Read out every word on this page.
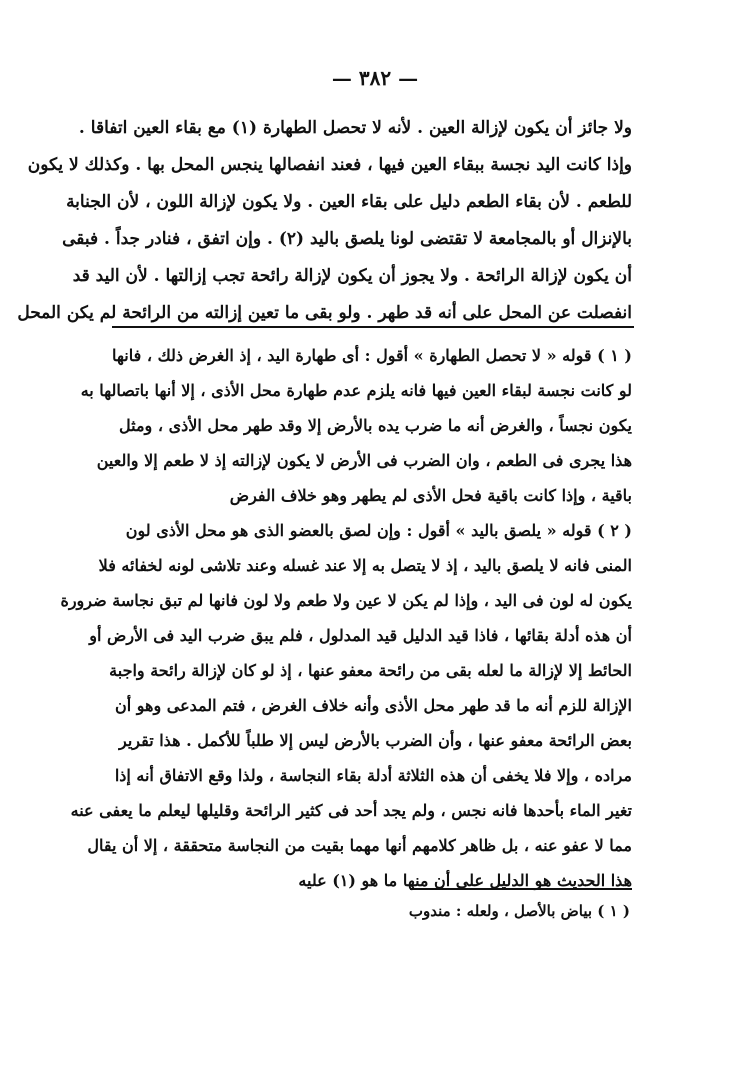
— ٣٨٢ —
ولا جائز أن يكون لإزالة العين . لأنه لا تحصل الطهارة (١) مع بقاء العين اتفاقا .
وإذا كانت اليد نجسة ببقاء العين فيها ، فعند انفصالها ينجس المحل بها . وكذلك لا يكون
للطعم . لأن بقاء الطعم دليل على بقاء العين . ولا يكون لإزالة اللون ، لأن الجنابة
بالإنزال أو بالمجامعة لا تقتضى لونا يلصق باليد (٢) . وإن اتفق ، فنادر جداً . فبقى
أن يكون لإزالة الرائحة . ولا يجوز أن يكون لإزالة رائحة تجب إزالتها . لأن اليد قد
انفصلت عن المحل على أنه قد طهر . ولو بقى ما تعين إزالته من الرائحة لم يكن المحل
( ١ ) قوله « لا تحصل الطهارة » أقول : أى طهارة اليد ، إذ الغرض ذلك ، فانها
لو كانت نجسة لبقاء العين فيها فانه يلزم عدم طهارة محل الأذى ، إلا أنها باتصالها به
يكون نجساً ، والغرض أنه ما ضرب يده بالأرض إلا وقد طهر محل الأذى ، ومثل
هذا يجرى فى الطعم ، وان الضرب فى الأرض لا يكون لإزالته إذ لا طعم إلا والعين
باقية ، وإذا كانت باقية فحل الأذى لم يطهر وهو خلاف الفرض
( ٢ ) قوله « يلصق باليد » أقول : وإن لصق بالعضو الذى هو محل الأذى لون
المنى فانه لا يلصق باليد ، إذ لا يتصل به إلا عند غسله وعند تلاشى لونه لخفائه فلا
يكون له لون فى اليد ، وإذا لم يكن لا عين ولا طعم ولا لون فانها لم تبق نجاسة ضرورة
أن هذه أدلة بقائها ، فاذا قيد الدليل قيد المدلول ، فلم يبق ضرب اليد فى الأرض أو
الحائط إلا لإزالة ما لعله بقى من رائحة معفو عنها ، إذ لو كان لإزالة رائحة واجبة
الإزالة للزم أنه ما قد طهر محل الأذى وأنه خلاف الغرض ، فتم المدعى وهو أن
بعض الرائحة معفو عنها ، وأن الضرب بالأرض ليس إلا طلباً للأكمل . هذا تقرير
مراده ، وإلا فلا يخفى أن هذه الثلاثة أدلة بقاء النجاسة ، ولذا وقع الاتفاق أنه إذا
تغير الماء بأحدها فانه نجس ، ولم يجد أحد فى كثير الرائحة وقليلها ليعلم ما يعفى عنه
مما لا عفو عنه ، بل ظاهر كلامهم أنها مهما بقيت من النجاسة متحققة ، إلا أن يقال
هذا الحديث هو الدليل على أن منها ما هو (١) عليه
( ١ ) بياض بالأصل ، ولعله : مندوب
